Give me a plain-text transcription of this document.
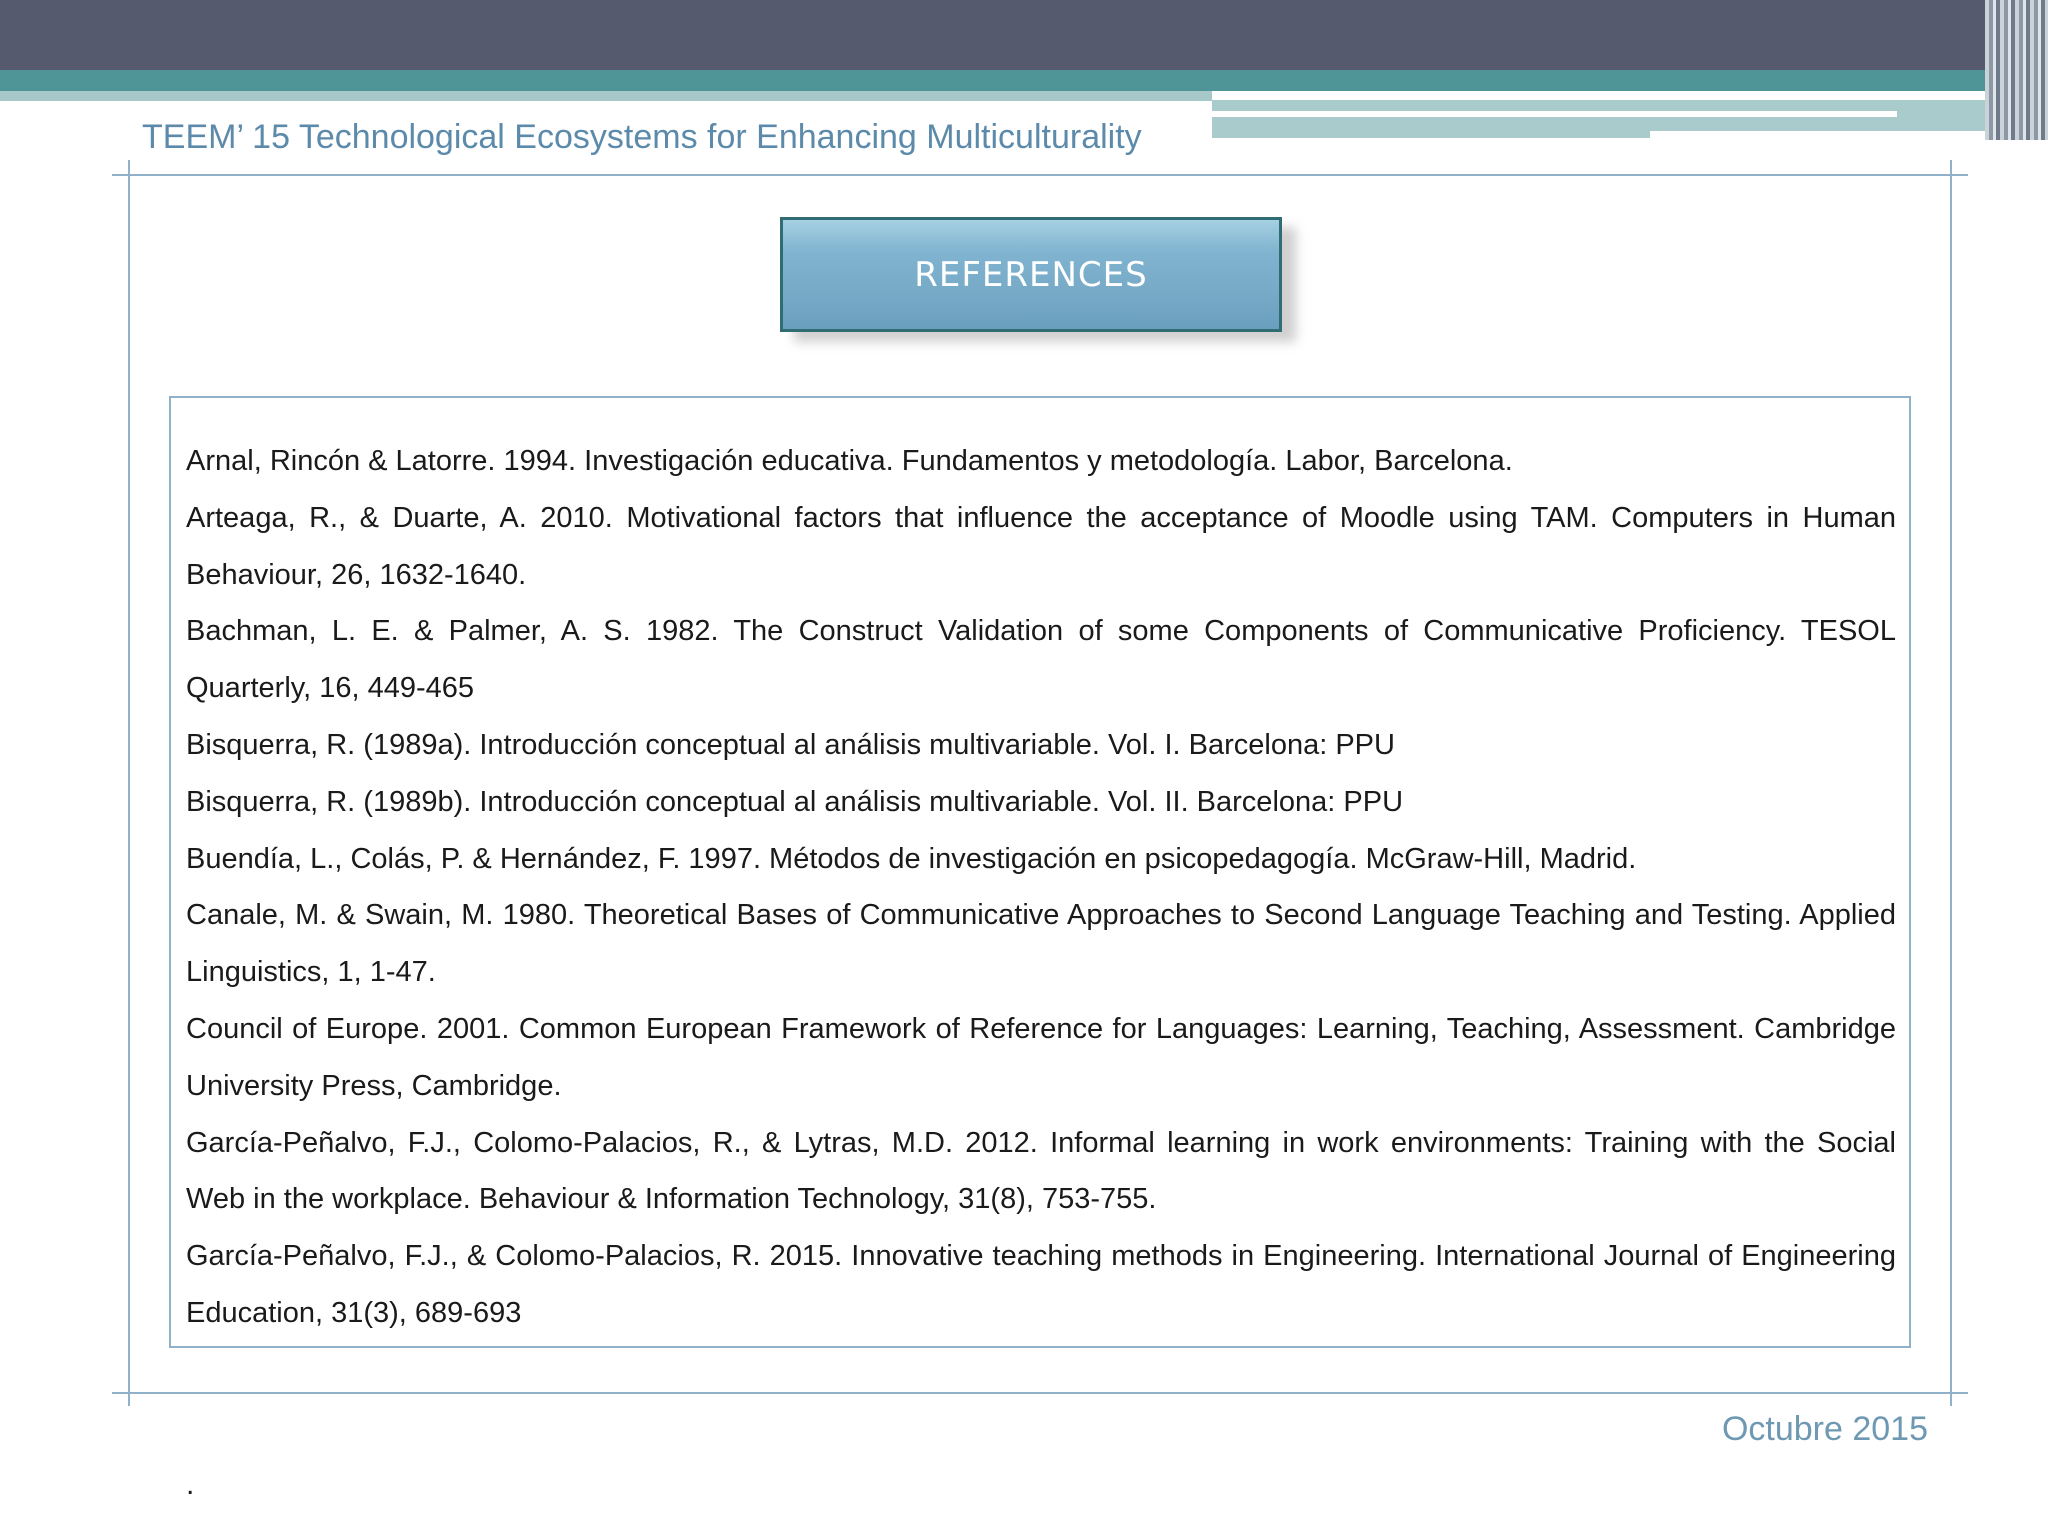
TEEM’ 15 Technological Ecosystems for Enhancing Multiculturality
REFERENCES
Arnal, Rincón & Latorre. 1994. Investigación educativa. Fundamentos y metodología. Labor, Barcelona.
Arteaga, R., & Duarte, A. 2010. Motivational factors that influence the acceptance of Moodle using TAM. Computers in Human Behaviour, 26, 1632-1640.
Bachman, L. E. & Palmer, A. S. 1982. The Construct Validation of some Components of Communicative Proficiency. TESOL Quarterly, 16, 449-465
Bisquerra, R. (1989a). Introducción conceptual al análisis multivariable. Vol. I. Barcelona: PPU
Bisquerra, R. (1989b). Introducción conceptual al análisis multivariable. Vol. II. Barcelona: PPU
Buendía, L., Colás, P. & Hernández, F. 1997. Métodos de investigación en psicopedagogía. McGraw-Hill, Madrid.
Canale, M. & Swain, M. 1980. Theoretical Bases of Communicative Approaches to Second Language Teaching and Testing. Applied Linguistics, 1, 1-47.
Council of Europe. 2001. Common European Framework of Reference for Languages: Learning, Teaching, Assessment. Cambridge University Press, Cambridge.
García-Peñalvo, F.J., Colomo-Palacios, R., & Lytras, M.D. 2012. Informal learning in work environments: Training with the Social Web in the workplace. Behaviour & Information Technology, 31(8), 753-755.
García-Peñalvo, F.J., & Colomo-Palacios, R. 2015. Innovative teaching methods in Engineering. International Journal of Engineering Education, 31(3), 689-693
Octubre 2015
.
